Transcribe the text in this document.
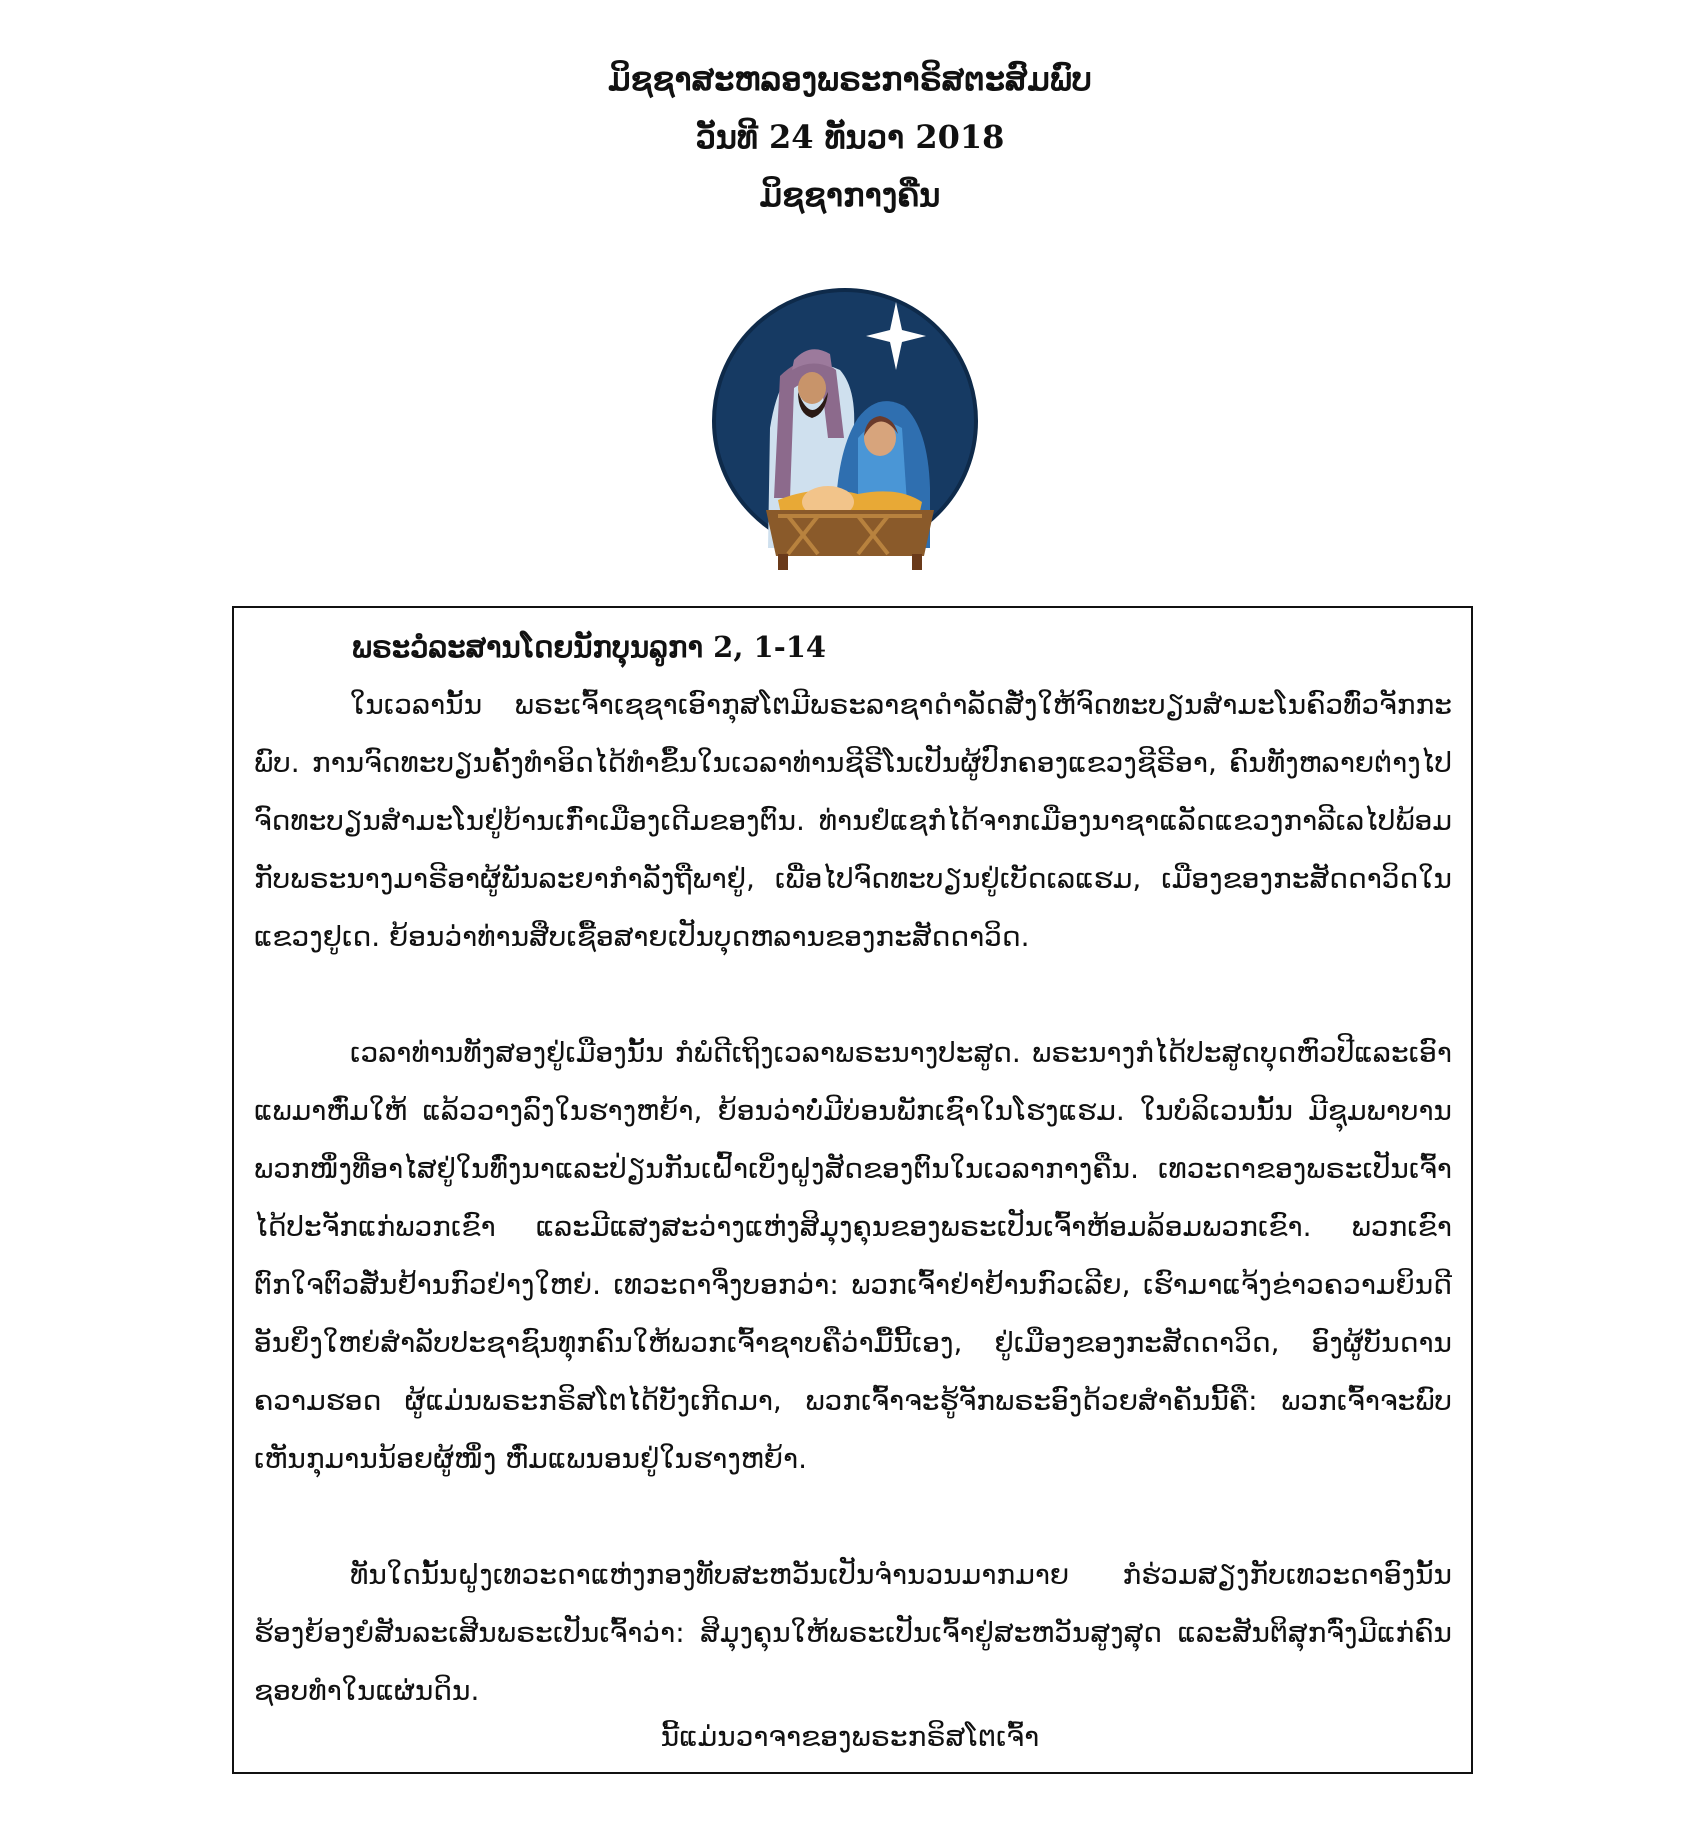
ມິຊຊາສະຫລອງພຣະກາຣິສຕະສົມພົບ
ວັນທີ 24 ທັນວາ 2018
ມິຊຊາກາງຄືນ
ພຣະວໍລະສານໂດຍນັກບຸນລູກາ 2, 1-14

ໃນເວລານັ້ນ ພຣະເຈົ້າເຊຊາເອົາກຸສໂຕມີພຣະລາຊາດຳລັດສັ່ງໃຫ້ຈົດທະບຽນສຳມະໂນຄົວທົ່ວຈັກກະພົບ. ການຈົດທະບຽນຄັ້ງທຳອິດໄດ້ທຳຂຶ້ນໃນເວລາທ່ານຊີຣີໂນເປັນຜູ້ປົກຄອງແຂວງຊີຣີອາ, ຄົນທັງຫລາຍຕ່າງໄປຈົດທະບຽນສຳມະໂນຢູ່ບ້ານເກົ່າເມືອງເດີມຂອງຕົນ. ທ່ານຢໍແຊກໍໄດ້ຈາກເມືອງນາຊາແລັດແຂວງກາລີເລໄປພ້ອມກັບພຣະນາງມາຣີອາຜູ້ພັນລະຍາກຳລັງຖືພາຢູ່, ເພື່ອໄປຈົດທະບຽນຢູ່ເບັດເລແຮມ, ເມືອງຂອງກະສັດດາວິດໃນແຂວງຢູເດ. ຍ້ອນວ່າທ່ານສືບເຊື້ອສາຍເປັນບຸດຫລານຂອງກະສັດດາວິດ.

ເວລາທ່ານທັງສອງຢູ່ເມືອງນັ້ນ ກໍພໍດີເຖິງເວລາພຣະນາງປະສູດ. ພຣະນາງກໍໄດ້ປະສູດບຸດຫົວປີແລະເອົາແພມາຫົ່ມໃຫ້ ແລ້ວວາງລົງໃນຮາງຫຍ້າ, ຍ້ອນວ່າບໍ່ມີບ່ອນພັກເຊົາໃນໂຮງແຮມ. ໃນບໍລິເວນນັ້ນ ມີຊຸມພາບານພວກໜຶ່ງທີ່ອາໄສຢູ່ໃນທົ່ງນາແລະປ່ຽນກັນເຝົ້າເບິ່ງຝູງສັດຂອງຕົນໃນເວລາກາງຄືນ. ເທວະດາຂອງພຣະເປັນເຈົ້າໄດ້ປະຈັກແກ່ພວກເຂົາ ແລະມີແສງສະວ່າງແຫ່ງສິມຸງຄຸນຂອງພຣະເປັນເຈົ້າຫ້ອມລ້ອມພວກເຂົາ. ພວກເຂົາຕົກໃຈຕົວສັ່ນຢ້ານກົວຢ່າງໃຫຍ່. ເທວະດາຈຶ່ງບອກວ່າ: ພວກເຈົ້າຢ່າຢ້ານກົວເລີຍ, ເຮົາມາແຈ້ງຂ່າວຄວາມຍິນດີອັນຍິ່ງໃຫຍ່ສຳລັບປະຊາຊົນທຸກຄົນໃຫ້ພວກເຈົ້າຊາບຄືວ່າມື້ນີ້ເອງ, ຢູ່ເມືອງຂອງກະສັດດາວິດ, ອົງຜູ້ບັນດານຄວາມຮອດ ຜູ້ແມ່ນພຣະກຣິສໂຕໄດ້ບັງເກີດມາ, ພວກເຈົ້າຈະຮູ້ຈັກພຣະອົງດ້ວຍສຳຄັນນີ້ຄື: ພວກເຈົ້າຈະພົບເຫັນກຸມານນ້ອຍຜູ້ໜຶ່ງ ຫົ່ມແພນອນຢູ່ໃນຮາງຫຍ້າ.

ທັນໃດນັ້ນຝູງເທວະດາແຫ່ງກອງທັບສະຫວັນເປັນຈຳນວນມາກມາຍ ກໍຮ່ວມສຽງກັບເທວະດາອົງນັ້ນຮ້ອງຍ້ອງຍໍສັນລະເສີນພຣະເປັນເຈົ້າວ່າ: ສິມຸງຄຸນໃຫ້ພຣະເປັນເຈົ້າຢູ່ສະຫວັນສູງສຸດ ແລະສັນຕິສຸກຈົ່ງມີແກ່ຄົນຊອບທຳໃນແຜ່ນດິນ.

ນີ້ແມ່ນວາຈາຂອງພຣະກຣິສໂຕເຈົ້າ
